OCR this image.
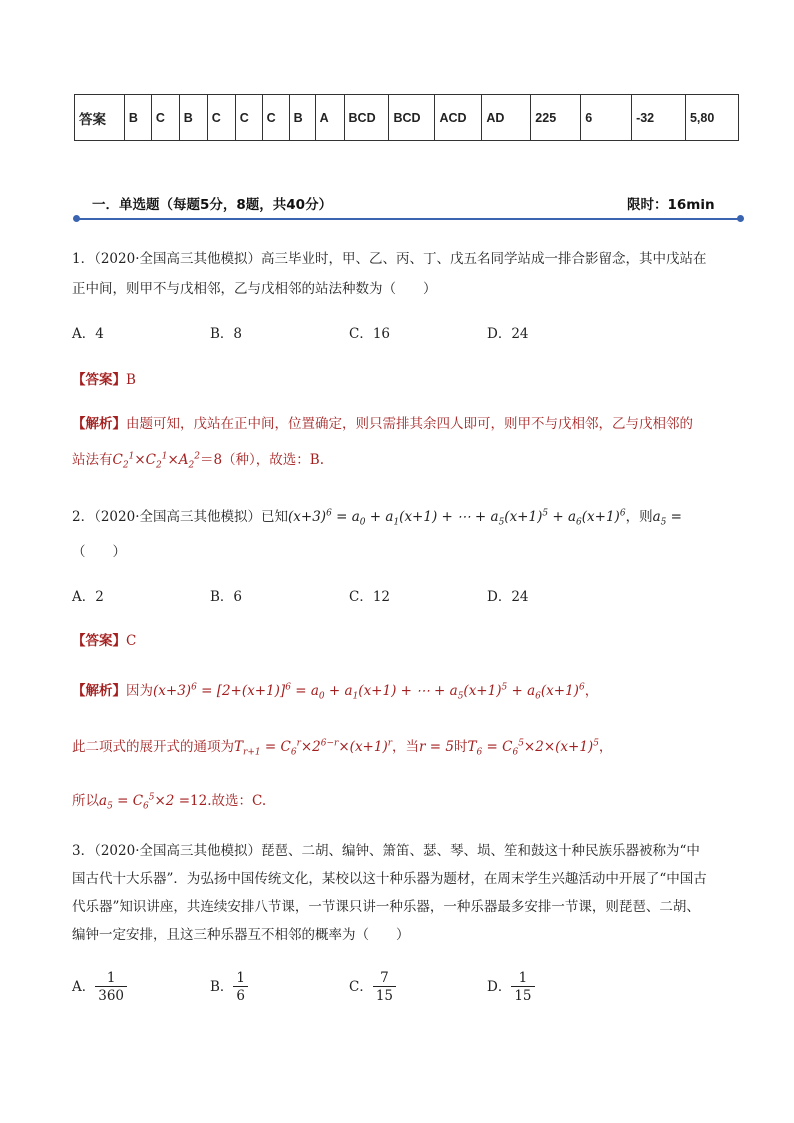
答案	B	C	B	C	C	C	B	A	BCD	BCD	ACD	AD	225	6	-32	5,80
一．单选题（每题5分，8题，共40分）	限时：16min
1．（2020·全国高三其他模拟）高三毕业时，甲、乙、丙、丁、戊五名同学站成一排合影留念，其中戊站在
正中间，则甲不与戊相邻，乙与戊相邻的站法种数为（　　）
A．4	B．8	C．16	D．24
【答案】B
【解析】由题可知，戊站在正中间，位置确定，则只需排其余四人即可，则甲不与戊相邻，乙与戊相邻的
站法有$C_2^1\times C_2^1\times A_2^2=8$（种），故选：B.
2．（2020·全国高三其他模拟）已知$(x+3)^6 = a_0 + a_1(x+1)$ + ⋯ + $a_5(x+1)^5 + a_6(x+1)^6$，则$a_5$ =
（　　）
A．2	B．6	C．12	D．24
【答案】C
【解析】因为$(x+3)^6 = [2+(x+1)]^6 = a_0 + a_1(x+1)$ + ⋯ + $a_5(x+1)^5 + a_6(x+1)^6$，
此二项式的展开式的通项为$T_{r+1} = C_6^r\times 2^{6-r}\times(x+1)^r$，当r = 5时$T_6 = C_6^5\times 2\times(x+1)^5$，
所以$a_5 = C_6^5\times 2 =12$.故选：C.
3．（2020·全国高三其他模拟）琵琶、二胡、编钟、箫笛、瑟、琴、埙、笙和鼓这十种民族乐器被称为“中
国古代十大乐器”．为弘扬中国传统文化，某校以这十种乐器为题材，在周末学生兴趣活动中开展了“中国古
代乐器”知识讲座，共连续安排八节课，一节课只讲一种乐器，一种乐器最多安排一节课，则琵琶、二胡、
编钟一定安排，且这三种乐器互不相邻的概率为（　　）
A． $\frac{1}{360}$	B． $\frac{1}{6}$	C． $\frac{7}{15}$	D． $\frac{1}{15}$
